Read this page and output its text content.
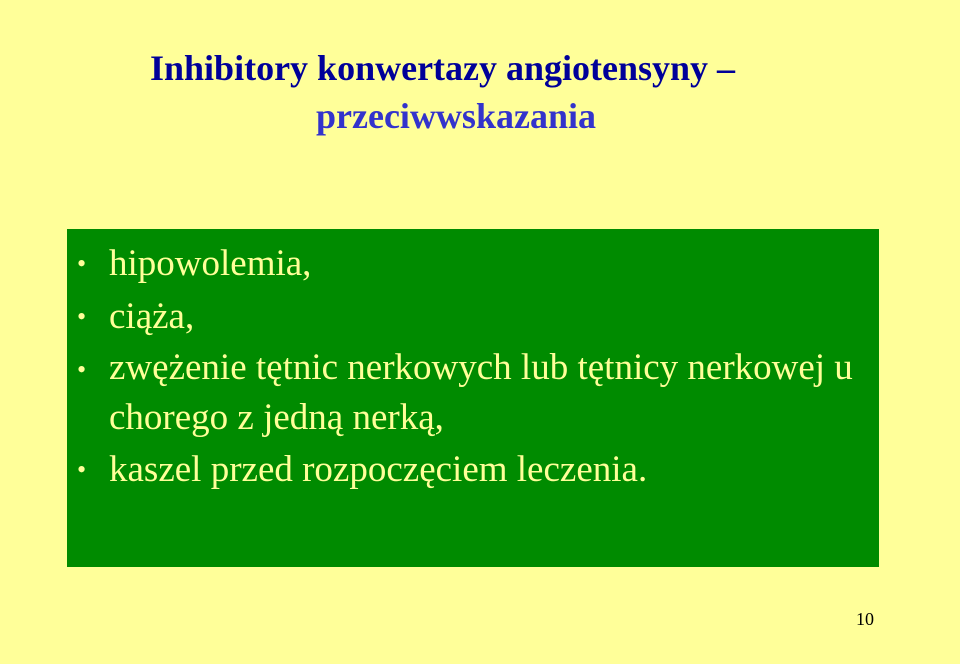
Inhibitory konwertazy angiotensyny –
przeciwwskazania
• hipowolemia,
• ciąża,
• zwężenie tętnic nerkowych lub tętnicy nerkowej u chorego z jedną nerką,
• kaszel przed rozpoczęciem leczenia.
10
